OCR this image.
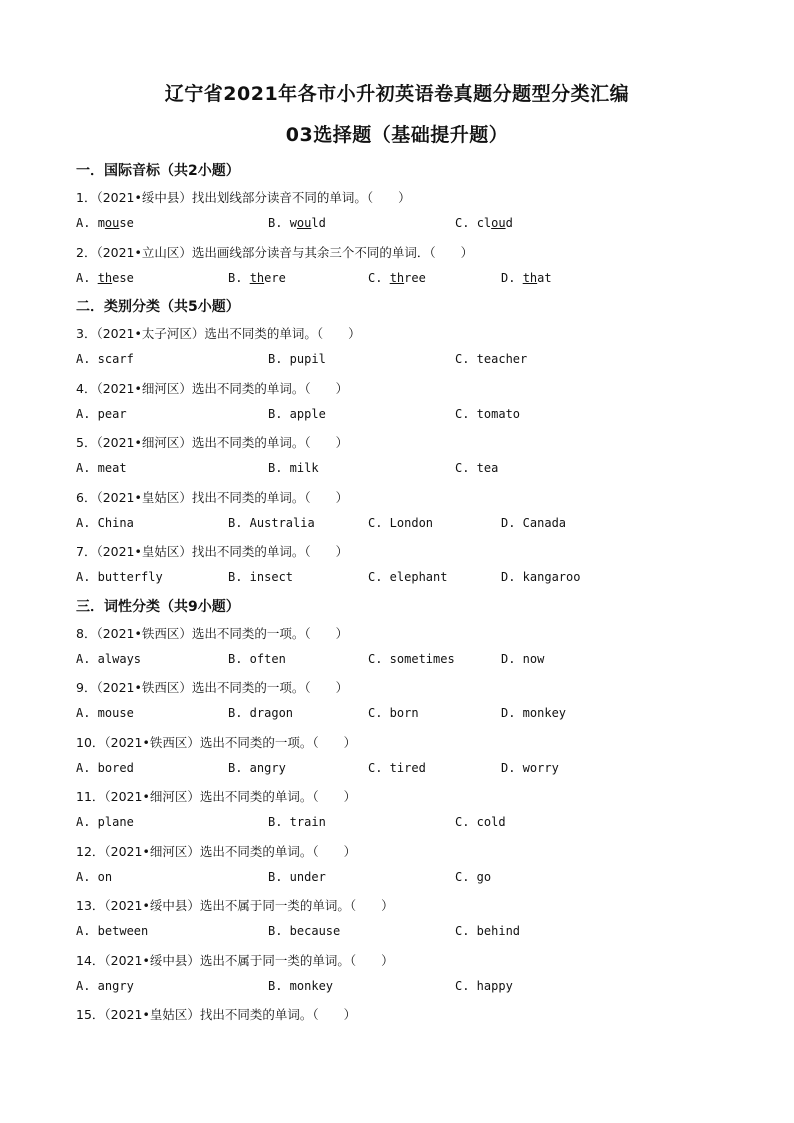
辽宁省2021年各市小升初英语卷真题分题型分类汇编
03选择题（基础提升题）
一．国际音标（共2小题）
二．类别分类（共5小题）
三．词性分类（共9小题）
1．（2021•绥中县）找出划线部分读音不同的单词。（　　）
A. mouse	B. would	C. cloud
2．（2021•立山区）选出画线部分读音与其余三个不同的单词．（　　）
A. these	B. there	C. three	D. that
3．（2021•太子河区）选出不同类的单词。（　　）
A. scarf	B. pupil	C. teacher
4．（2021•细河区）选出不同类的单词。（　　）
A. pear	B. apple	C. tomato
5．（2021•细河区）选出不同类的单词。（　　）
A. meat	B. milk	C. tea
6．（2021•皇姑区）找出不同类的单词。（　　）
A. China	B. Australia	C. London	D. Canada
7．（2021•皇姑区）找出不同类的单词。（　　）
A. butterfly	B. insect	C. elephant	D. kangaroo
8．（2021•铁西区）选出不同类的一项。（　　）
A. always	B. often	C. sometimes	D. now
9．（2021•铁西区）选出不同类的一项。（　　）
A. mouse	B. dragon	C. born	D. monkey
10．（2021•铁西区）选出不同类的一项。（　　）
A. bored	B. angry	C. tired	D. worry
11．（2021•细河区）选出不同类的单词。（　　）
A. plane	B. train	C. cold
12．（2021•细河区）选出不同类的单词。（　　）
A. on	B. under	C. go
13．（2021•绥中县）选出不属于同一类的单词。（　　）
A. between	B. because	C. behind
14．（2021•绥中县）选出不属于同一类的单词。（　　）
A. angry	B. monkey	C. happy
15．（2021•皇姑区）找出不同类的单词。（　　）
